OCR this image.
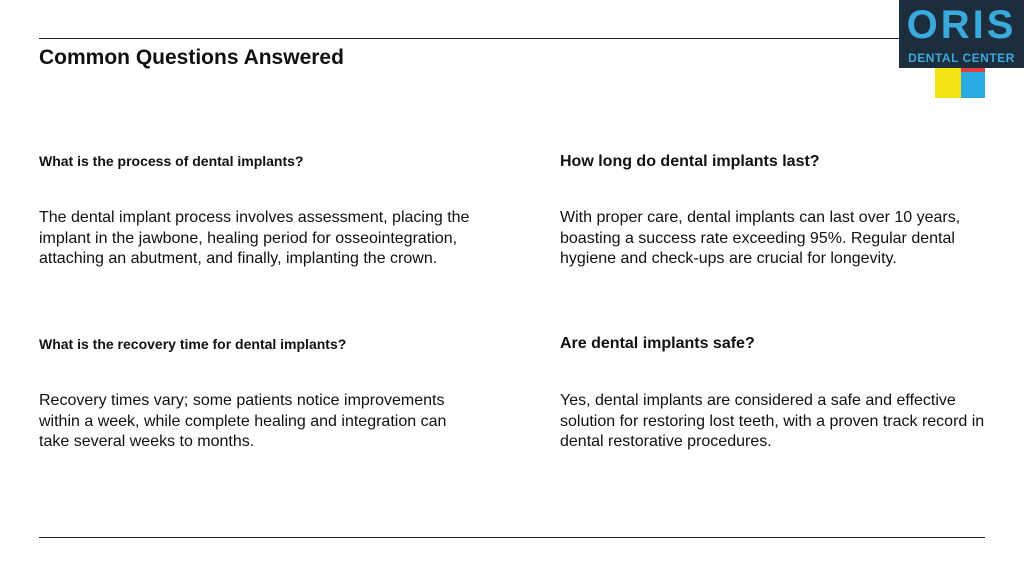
Common Questions Answered
ORIS
DENTAL CENTER

What is the process of dental implants?

The dental implant process involves assessment, placing the implant in the jawbone, healing period for osseointegration, attaching an abutment, and finally, implanting the crown.

What is the recovery time for dental implants?

Recovery times vary; some patients notice improvements within a week, while complete healing and integration can take several weeks to months.

How long do dental implants last?

With proper care, dental implants can last over 10 years, boasting a success rate exceeding 95%. Regular dental hygiene and check-ups are crucial for longevity.

Are dental implants safe?

Yes, dental implants are considered a safe and effective solution for restoring lost teeth, with a proven track record in dental restorative procedures.
